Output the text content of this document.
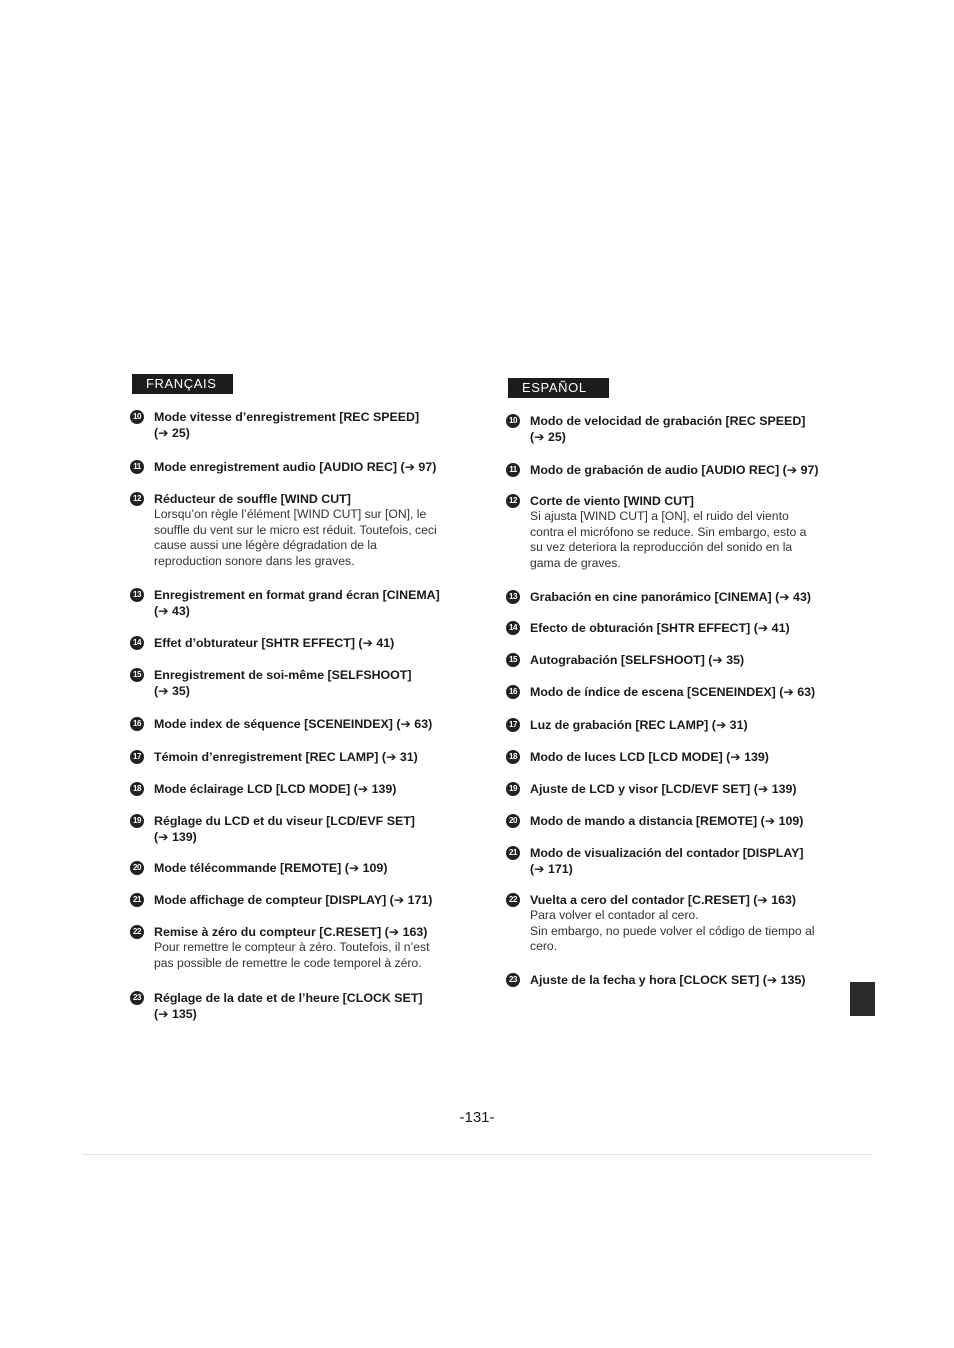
FRANÇAIS
10 Mode vitesse d’enregistrement [REC SPEED]
(➔ 25)
11 Mode enregistrement audio [AUDIO REC] (➔ 97)
12 Réducteur de souffle [WIND CUT]
Lorsqu’on règle l’élément [WIND CUT] sur [ON], le
souffle du vent sur le micro est réduit. Toutefois, ceci
cause aussi une légère dégradation de la
reproduction sonore dans les graves.
13 Enregistrement en format grand écran [CINEMA]
(➔ 43)
14 Effet d’obturateur [SHTR EFFECT] (➔ 41)
15 Enregistrement de soi-même [SELFSHOOT]
(➔ 35)
16 Mode index de séquence [SCENEINDEX] (➔ 63)
17 Témoin d’enregistrement [REC LAMP] (➔ 31)
18 Mode éclairage LCD [LCD MODE] (➔ 139)
19 Réglage du LCD et du viseur [LCD/EVF SET]
(➔ 139)
20 Mode télécommande [REMOTE] (➔ 109)
21 Mode affichage de compteur [DISPLAY] (➔ 171)
22 Remise à zéro du compteur [C.RESET] (➔ 163)
Pour remettre le compteur à zéro. Toutefois, il n’est
pas possible de remettre le code temporel à zéro.
23 Réglage de la date et de l’heure [CLOCK SET]
(➔ 135)
ESPAÑOL
10 Modo de velocidad de grabación [REC SPEED]
(➔ 25)
11 Modo de grabación de audio [AUDIO REC] (➔ 97)
12 Corte de viento [WIND CUT]
Si ajusta [WIND CUT] a [ON], el ruido del viento
contra el micrófono se reduce. Sin embargo, esto a
su vez deteriora la reproducción del sonido en la
gama de graves.
13 Grabación en cine panorámico [CINEMA] (➔ 43)
14 Efecto de obturación [SHTR EFFECT] (➔ 41)
15 Autograbación [SELFSHOOT] (➔ 35)
16 Modo de índice de escena [SCENEINDEX] (➔ 63)
17 Luz de grabación [REC LAMP] (➔ 31)
18 Modo de luces LCD [LCD MODE] (➔ 139)
19 Ajuste de LCD y visor [LCD/EVF SET] (➔ 139)
20 Modo de mando a distancia [REMOTE] (➔ 109)
21 Modo de visualización del contador [DISPLAY]
(➔ 171)
22 Vuelta a cero del contador [C.RESET] (➔ 163)
Para volver el contador al cero.
Sin embargo, no puede volver el código de tiempo al
cero.
23 Ajuste de la fecha y hora [CLOCK SET] (➔ 135)
-131-
